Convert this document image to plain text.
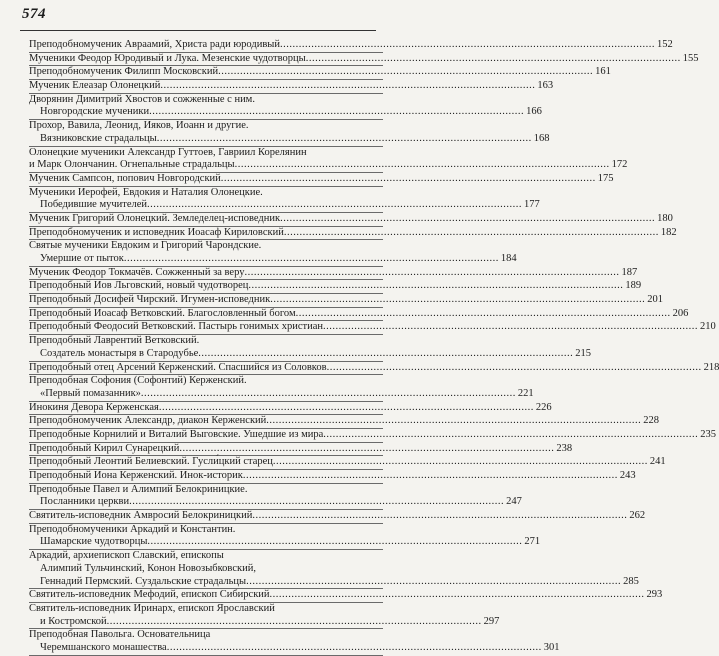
574
Преподобномученик Авраамий, Христа ради юродивый ........................................................................................................................ 152
Мученики Феодор Юродивый и Лука. Мезенские чудотворцы ........................................................................................................................ 155
Преподобномученик Филипп Московский ........................................................................................................................ 161
Мученик Елеазар Олонецкий ........................................................................................................................ 163
Дворянин Димитрий Хвостов и сожженные с ним.
Новгородские мученики ........................................................................................................................ 166
Прохор, Вавила, Леонид, Ияков, Иоанн и другие.
Вязниковские страдальцы ........................................................................................................................ 168
Олонецкие мученики Александр Гуттоев, Гавриил Корелянин
и Марк Олончанин. Огнепальные страдальцы ........................................................................................................................ 172
Мученик Сампсон, попович Новгородский ........................................................................................................................ 175
Мученики Иерофей, Евдокия и Наталия Олонецкие.
Победившие мучителей ........................................................................................................................ 177
Мученик Григорий Олонецкий. Земледелец-исповедник ........................................................................................................................ 180
Преподобномученик и исповедник Иоасаф Кириловский ........................................................................................................................ 182
Святые мученики Евдоким и Григорий Чарондские.
Умершие от пыток ........................................................................................................................ 184
Мученик Феодор Токмачёв. Сожженный за веру ........................................................................................................................ 187
Преподобный Иов Льговский, новый чудотворец ........................................................................................................................ 189
Преподобный Досифей Чирский. Игумен-исповедник ........................................................................................................................ 201
Преподобный Иоасаф Ветковский. Благословленный богом ........................................................................................................................ 206
Преподобный Феодосий Ветковский. Пастырь гонимых христиан ........................................................................................................................ 210
Преподобный Лаврентий Ветковский.
Создатель монастыря в Стародубье ........................................................................................................................ 215
Преподобный отец Арсений Керженский. Спасшийся из Соловков ........................................................................................................................ 218
Преподобная Софония (Софонтий) Керженский.
«Первый помазанник» ........................................................................................................................ 221
Инокиня Девора Керженская ........................................................................................................................ 226
Преподобномученик Александр, диакон Керженский ........................................................................................................................ 228
Преподобные Корнилий и Виталий Выговские. Ушедшие из мира ........................................................................................................................ 235
Преподобный Кирил Сунарецкий ........................................................................................................................ 238
Преподобный Леонтий Белиевский. Гусли́цкий старец ........................................................................................................................ 241
Преподобный Иона Керженский. Инок-историк ........................................................................................................................ 243
Преподобные Павел и Алимпий Белокриницкие.
Посланники церкви ........................................................................................................................ 247
Святитель-исповедник Амвросий Белокриницкий ........................................................................................................................ 262
Преподобномученики Аркадий и Константин.
Шамарские чудотворцы ........................................................................................................................ 271
Аркадий, архиепископ Славский, епископы
Алимпий Тульчинский, Конон Новозыбковский,
Геннадий Пермский. Суздальские страдальцы ........................................................................................................................ 285
Святитель-исповедник Мефодий, епископ Сибирский ........................................................................................................................ 293
Святитель-исповедник Иринарх, епископ Ярославский
и Костромской ........................................................................................................................ 297
Преподобная Павольга. Основательница
Черемшанского монашества ........................................................................................................................ 301
